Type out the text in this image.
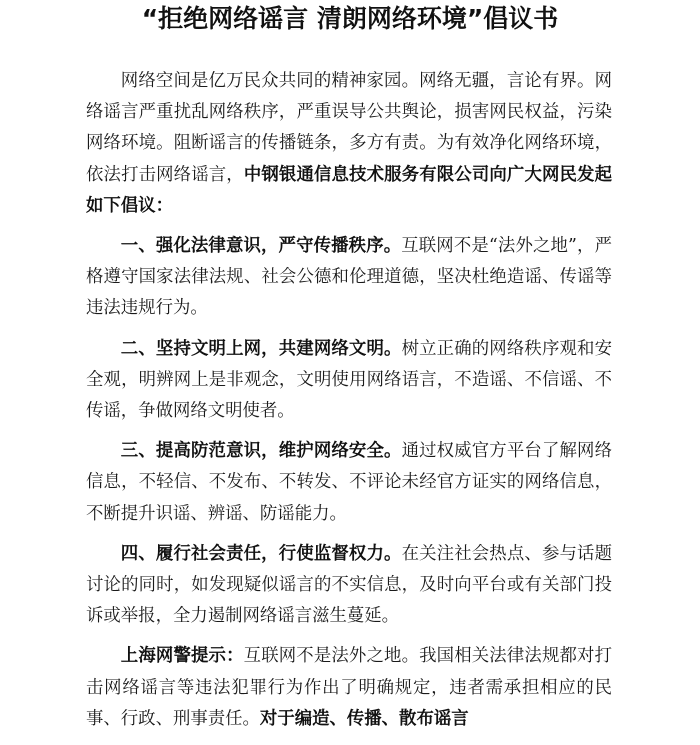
“拒绝网络谣言 清朗网络环境”倡议书

网络空间是亿万民众共同的精神家园。网络无疆，言论有界。网络谣言严重扰乱网络秩序，严重误导公共舆论，损害网民权益，污染网络环境。阻断谣言的传播链条，多方有责。为有效净化网络环境，依法打击网络谣言，中钢银通信息技术服务有限公司向广大网民发起如下倡议：

一、强化法律意识，严守传播秩序。互联网不是“法外之地”，严格遵守国家法律法规、社会公德和伦理道德，坚决杜绝造谣、传谣等违法违规行为。

二、坚持文明上网，共建网络文明。树立正确的网络秩序观和安全观，明辨网上是非观念，文明使用网络语言，不造谣、不信谣、不传谣，争做网络文明使者。

三、提高防范意识，维护网络安全。通过权威官方平台了解网络信息，不轻信、不发布、不转发、不评论未经官方证实的网络信息，不断提升识谣、辨谣、防谣能力。

四、履行社会责任，行使监督权力。在关注社会热点、参与话题讨论的同时，如发现疑似谣言的不实信息，及时向平台或有关部门投诉或举报，全力遏制网络谣言滋生蔓延。

上海网警提示：互联网不是法外之地。我国相关法律法规都对打击网络谣言等违法犯罪行为作出了明确规定，违者需承担相应的民事、行政、刑事责任。对于编造、传播、散布谣言
